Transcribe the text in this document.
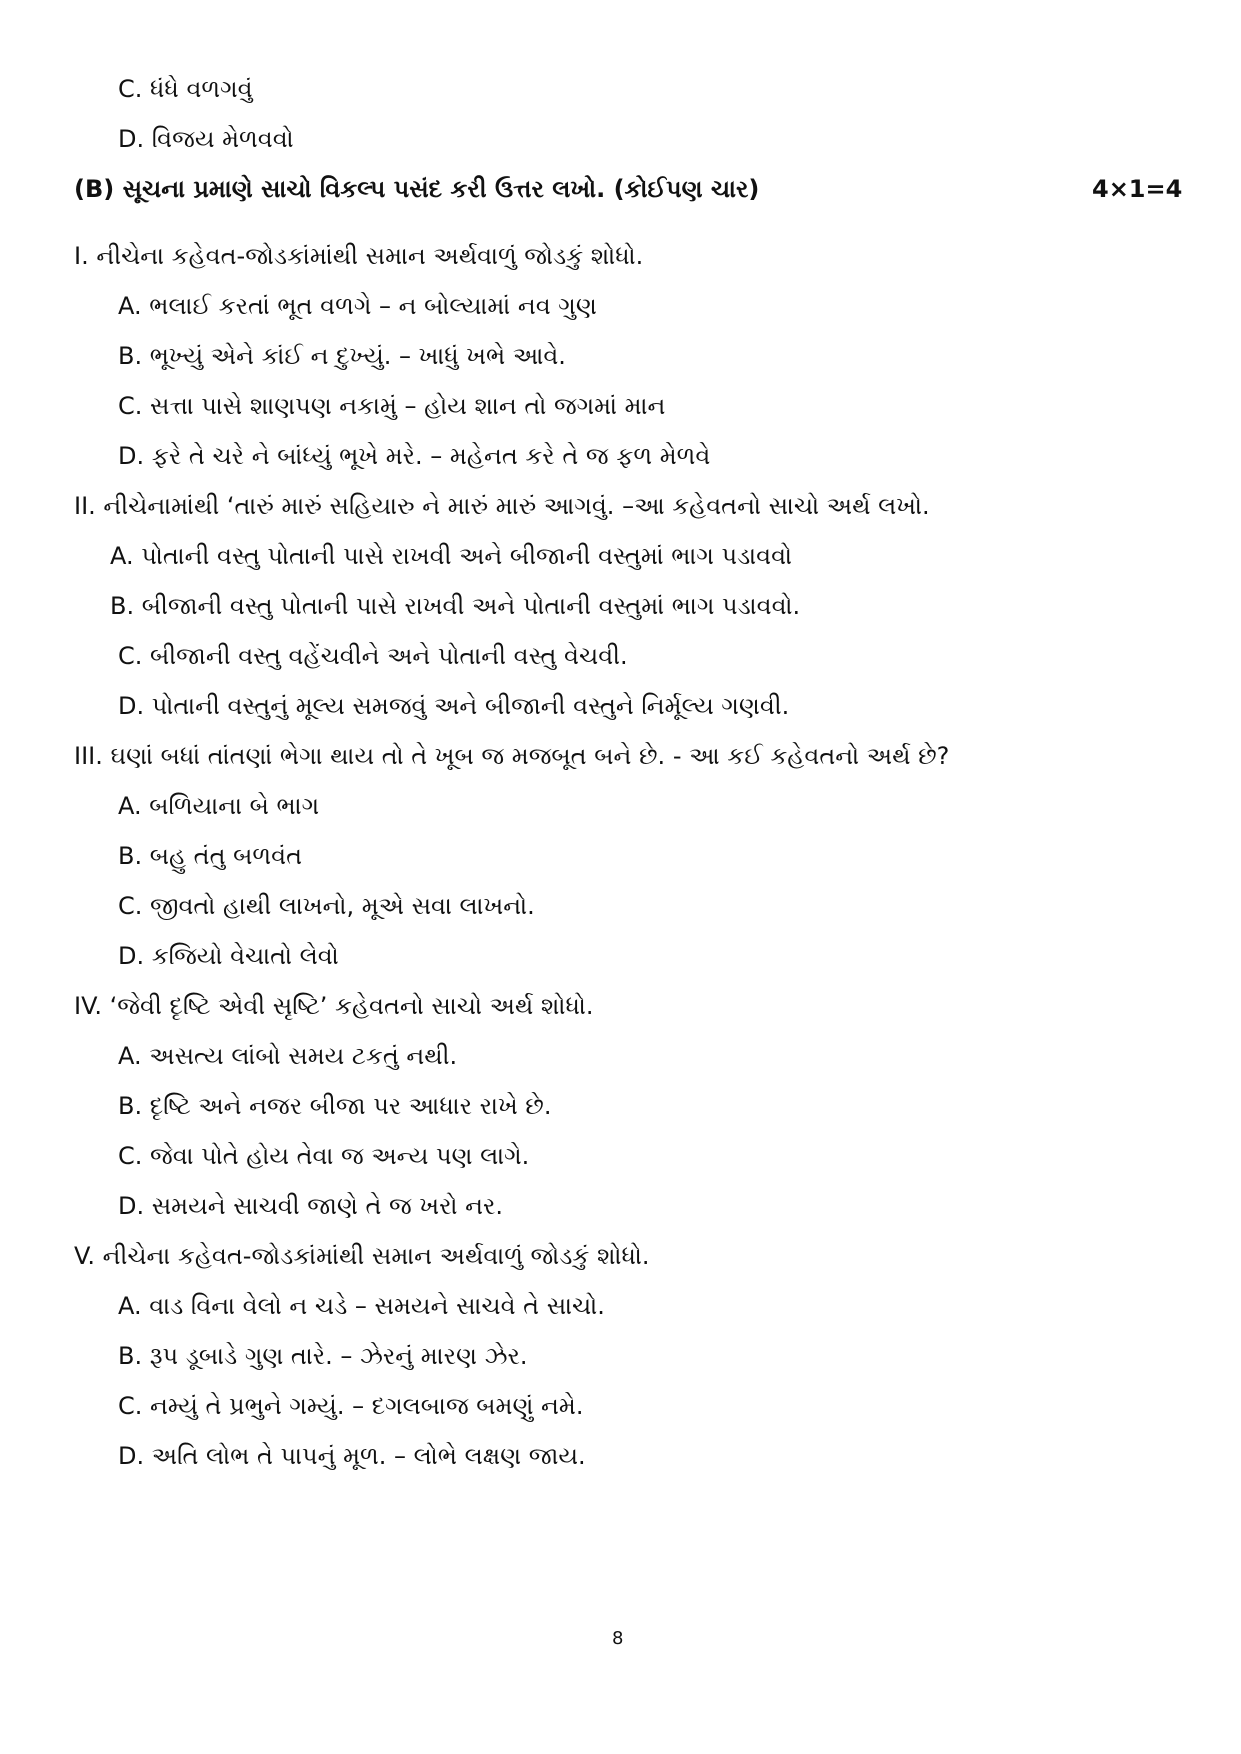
C. ધંધે વળગવું
D. વિજય મેળવવો
(B) સૂચના પ્રમાણે સાચો વિકલ્પ પસંદ કરી ઉત્તર લખો. (કોઈપણ ચાર)	4×1=4
I. નીચેના કહેવત-જોડકાંમાંથી સમાન અર્થવાળું જોડકું શોધો.
A. ભલાઈ કરતાં ભૂત વળગે – ન બોલ્યામાં નવ ગુણ
B. ભૂખ્યું એને કાંઈ ન દુખ્યું. – ખાધું ખભે આવે.
C. સત્તા પાસે શાણપણ નકામું – હોય શાન તો જગમાં માન
D. ફરે તે ચરે ને બાંધ્યું ભૂખે મરે. – મહેનત કરે તે જ ફળ મેળવે
II. નીચેનામાંથી ‘તારું મારું સહિયારુ ને મારું મારું આગવું. –આ કહેવતનો સાચો અર્થ લખો.
A. પોતાની વસ્તુ પોતાની પાસે રાખવી અને બીજાની વસ્તુમાં ભાગ પડાવવો
B. બીજાની વસ્તુ પોતાની પાસે રાખવી અને પોતાની વસ્તુમાં ભાગ પડાવવો.
C. બીજાની વસ્તુ વહેંચવીને અને પોતાની વસ્તુ વેચવી.
D. પોતાની વસ્તુનું મૂલ્ય સમજવું અને બીજાની વસ્તુને નિર્મૂલ્ય ગણવી.
III. ઘણાં બધાં તાંતણાં ભેગા થાય તો તે ખૂબ જ મજબૂત બને છે. - આ કઈ કહેવતનો અર્થ છે?
A. બળિયાના બે ભાગ
B. બહુ તંતુ બળવંત
C. જીવતો હાથી લાખનો, મૂએ સવા લાખનો.
D. કજિયો વેચાતો લેવો
IV. ‘જેવી દૃષ્ટિ એવી સૃષ્ટિ’ કહેવતનો સાચો અર્થ શોધો.
A. અસત્ય લાંબો સમય ટકતું નથી.
B. દૃષ્ટિ અને નજર બીજા પર આધાર રાખે છે.
C. જેવા પોતે હોય તેવા જ અન્ય પણ લાગે.
D. સમયને સાચવી જાણે તે જ ખરો નર.
V. નીચેના કહેવત-જોડકાંમાંથી સમાન અર્થવાળું જોડકું શોધો.
A. વાડ વિના વેલો ન ચડે – સમયને સાચવે તે સાચો.
B. રૂપ ડૂબાડે ગુણ તારે. – ઝેરનું મારણ ઝેર.
C. નમ્યું તે પ્રભુને ગમ્યું. – દગલબાજ બમણું નમે.
D. અતિ લોભ તે પાપનું મૂળ. – લોભે લક્ષણ જાય.
8
